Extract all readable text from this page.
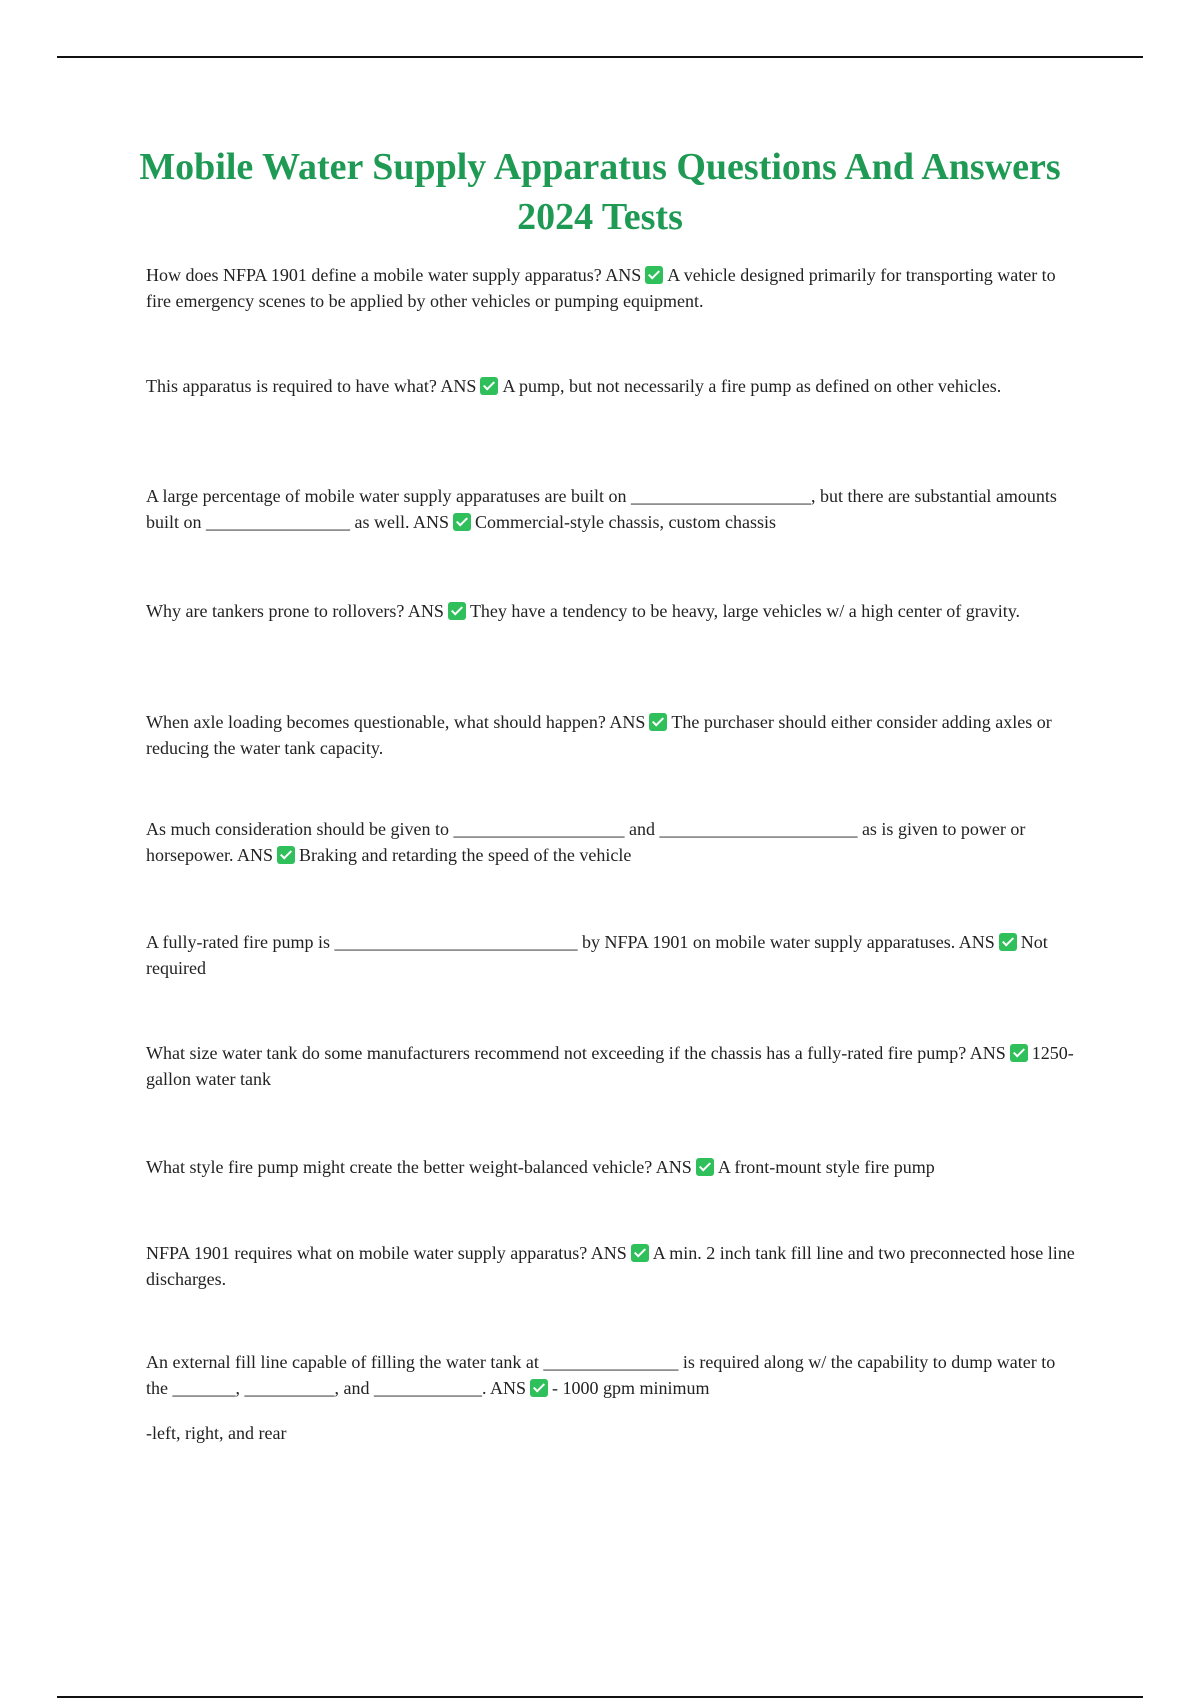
Mobile Water Supply Apparatus Questions And Answers 2024 Tests

How does NFPA 1901 define a mobile water supply apparatus? ANS A vehicle designed primarily for transporting water to fire emergency scenes to be applied by other vehicles or pumping equipment.

This apparatus is required to have what? ANS A pump, but not necessarily a fire pump as defined on other vehicles.

A large percentage of mobile water supply apparatuses are built on ____________________, but there are substantial amounts built on ________________ as well. ANS Commercial-style chassis, custom chassis

Why are tankers prone to rollovers? ANS They have a tendency to be heavy, large vehicles w/ a high center of gravity.

When axle loading becomes questionable, what should happen? ANS The purchaser should either consider adding axles or reducing the water tank capacity.

As much consideration should be given to ___________________ and ______________________ as is given to power or horsepower. ANS Braking and retarding the speed of the vehicle

A fully-rated fire pump is ___________________________ by NFPA 1901 on mobile water supply apparatuses. ANS Not required

What size water tank do some manufacturers recommend not exceeding if the chassis has a fully-rated fire pump? ANS 1250-gallon water tank

What style fire pump might create the better weight-balanced vehicle? ANS A front-mount style fire pump

NFPA 1901 requires what on mobile water supply apparatus? ANS A min. 2 inch tank fill line and two preconnected hose line discharges.

An external fill line capable of filling the water tank at _______________ is required along w/ the capability to dump water to the _______, __________, and ____________. ANS - 1000 gpm minimum

-left, right, and rear
